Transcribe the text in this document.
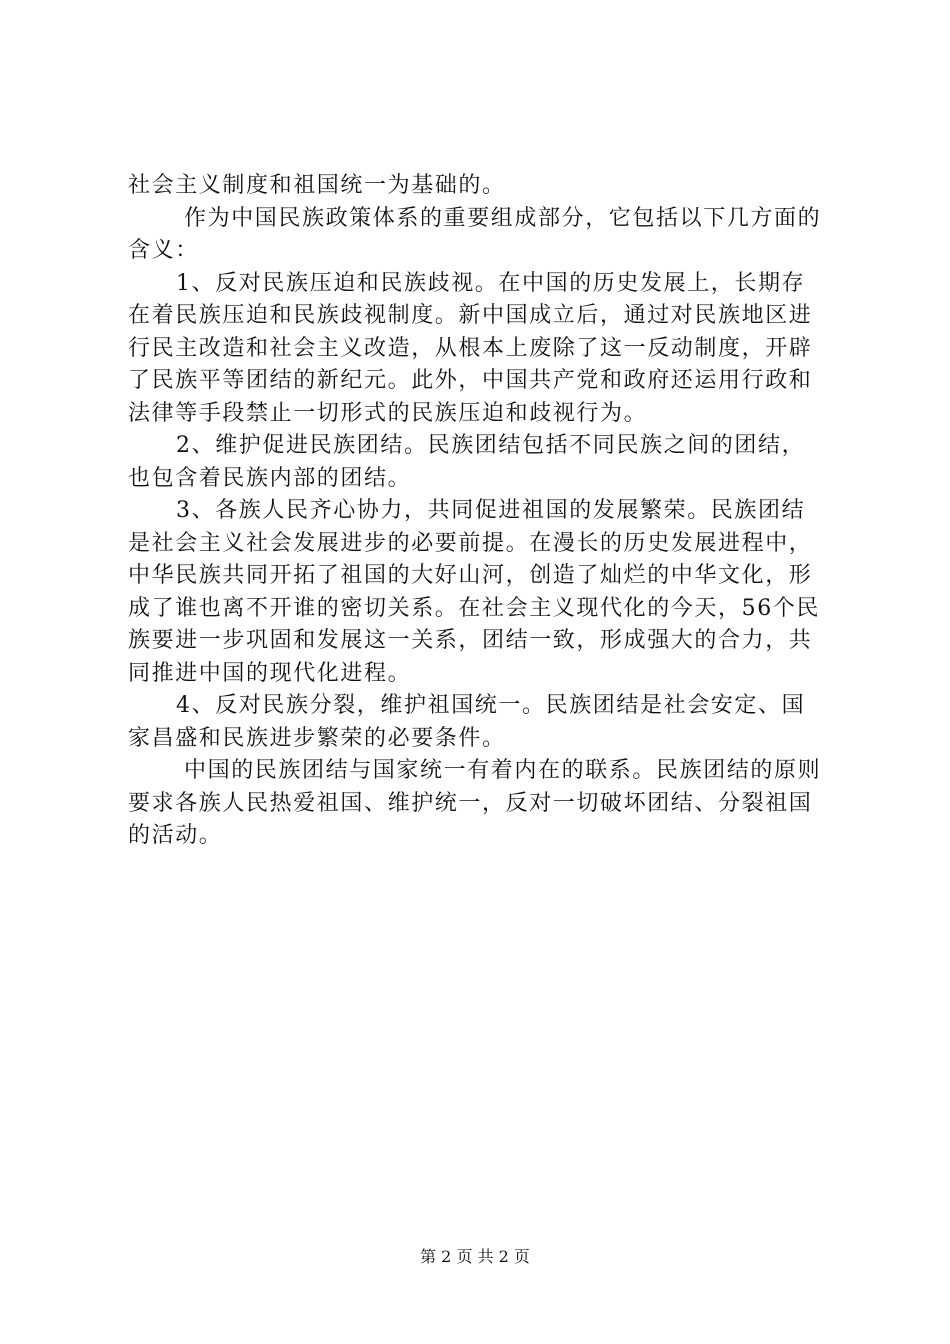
社会主义制度和祖国统一为基础的。

作为中国民族政策体系的重要组成部分，它包括以下几方面的含义：

1、反对民族压迫和民族歧视。在中国的历史发展上，长期存在着民族压迫和民族歧视制度。新中国成立后，通过对民族地区进行民主改造和社会主义改造，从根本上废除了这一反动制度，开辟了民族平等团结的新纪元。此外，中国共产党和政府还运用行政和法律等手段禁止一切形式的民族压迫和歧视行为。

2、维护促进民族团结。民族团结包括不同民族之间的团结，也包含着民族内部的团结。

3、各族人民齐心协力，共同促进祖国的发展繁荣。民族团结是社会主义社会发展进步的必要前提。在漫长的历史发展进程中，中华民族共同开拓了祖国的大好山河，创造了灿烂的中华文化，形成了谁也离不开谁的密切关系。在社会主义现代化的今天，56个民族要进一步巩固和发展这一关系，团结一致，形成强大的合力，共同推进中国的现代化进程。

4、反对民族分裂，维护祖国统一。民族团结是社会安定、国家昌盛和民族进步繁荣的必要条件。

中国的民族团结与国家统一有着内在的联系。民族团结的原则要求各族人民热爱祖国、维护统一，反对一切破坏团结、分裂祖国的活动。

第 2 页 共 2 页
